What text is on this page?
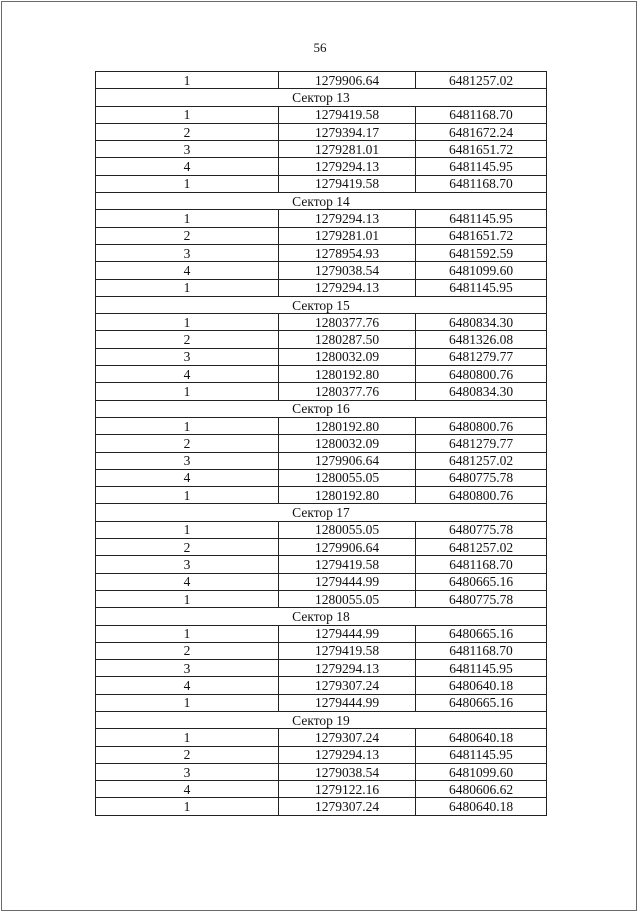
56
1	1279906.64	6481257.02
Сектор 13		
1	1279419.58	6481168.70
2	1279394.17	6481672.24
3	1279281.01	6481651.72
4	1279294.13	6481145.95
1	1279419.58	6481168.70
Сектор 14		
1	1279294.13	6481145.95
2	1279281.01	6481651.72
3	1278954.93	6481592.59
4	1279038.54	6481099.60
1	1279294.13	6481145.95
Сектор 15		
1	1280377.76	6480834.30
2	1280287.50	6481326.08
3	1280032.09	6481279.77
4	1280192.80	6480800.76
1	1280377.76	6480834.30
Сектор 16		
1	1280192.80	6480800.76
2	1280032.09	6481279.77
3	1279906.64	6481257.02
4	1280055.05	6480775.78
1	1280192.80	6480800.76
Сектор 17		
1	1280055.05	6480775.78
2	1279906.64	6481257.02
3	1279419.58	6481168.70
4	1279444.99	6480665.16
1	1280055.05	6480775.78
Сектор 18		
1	1279444.99	6480665.16
2	1279419.58	6481168.70
3	1279294.13	6481145.95
4	1279307.24	6480640.18
1	1279444.99	6480665.16
Сектор 19		
1	1279307.24	6480640.18
2	1279294.13	6481145.95
3	1279038.54	6481099.60
4	1279122.16	6480606.62
1	1279307.24	6480640.18
